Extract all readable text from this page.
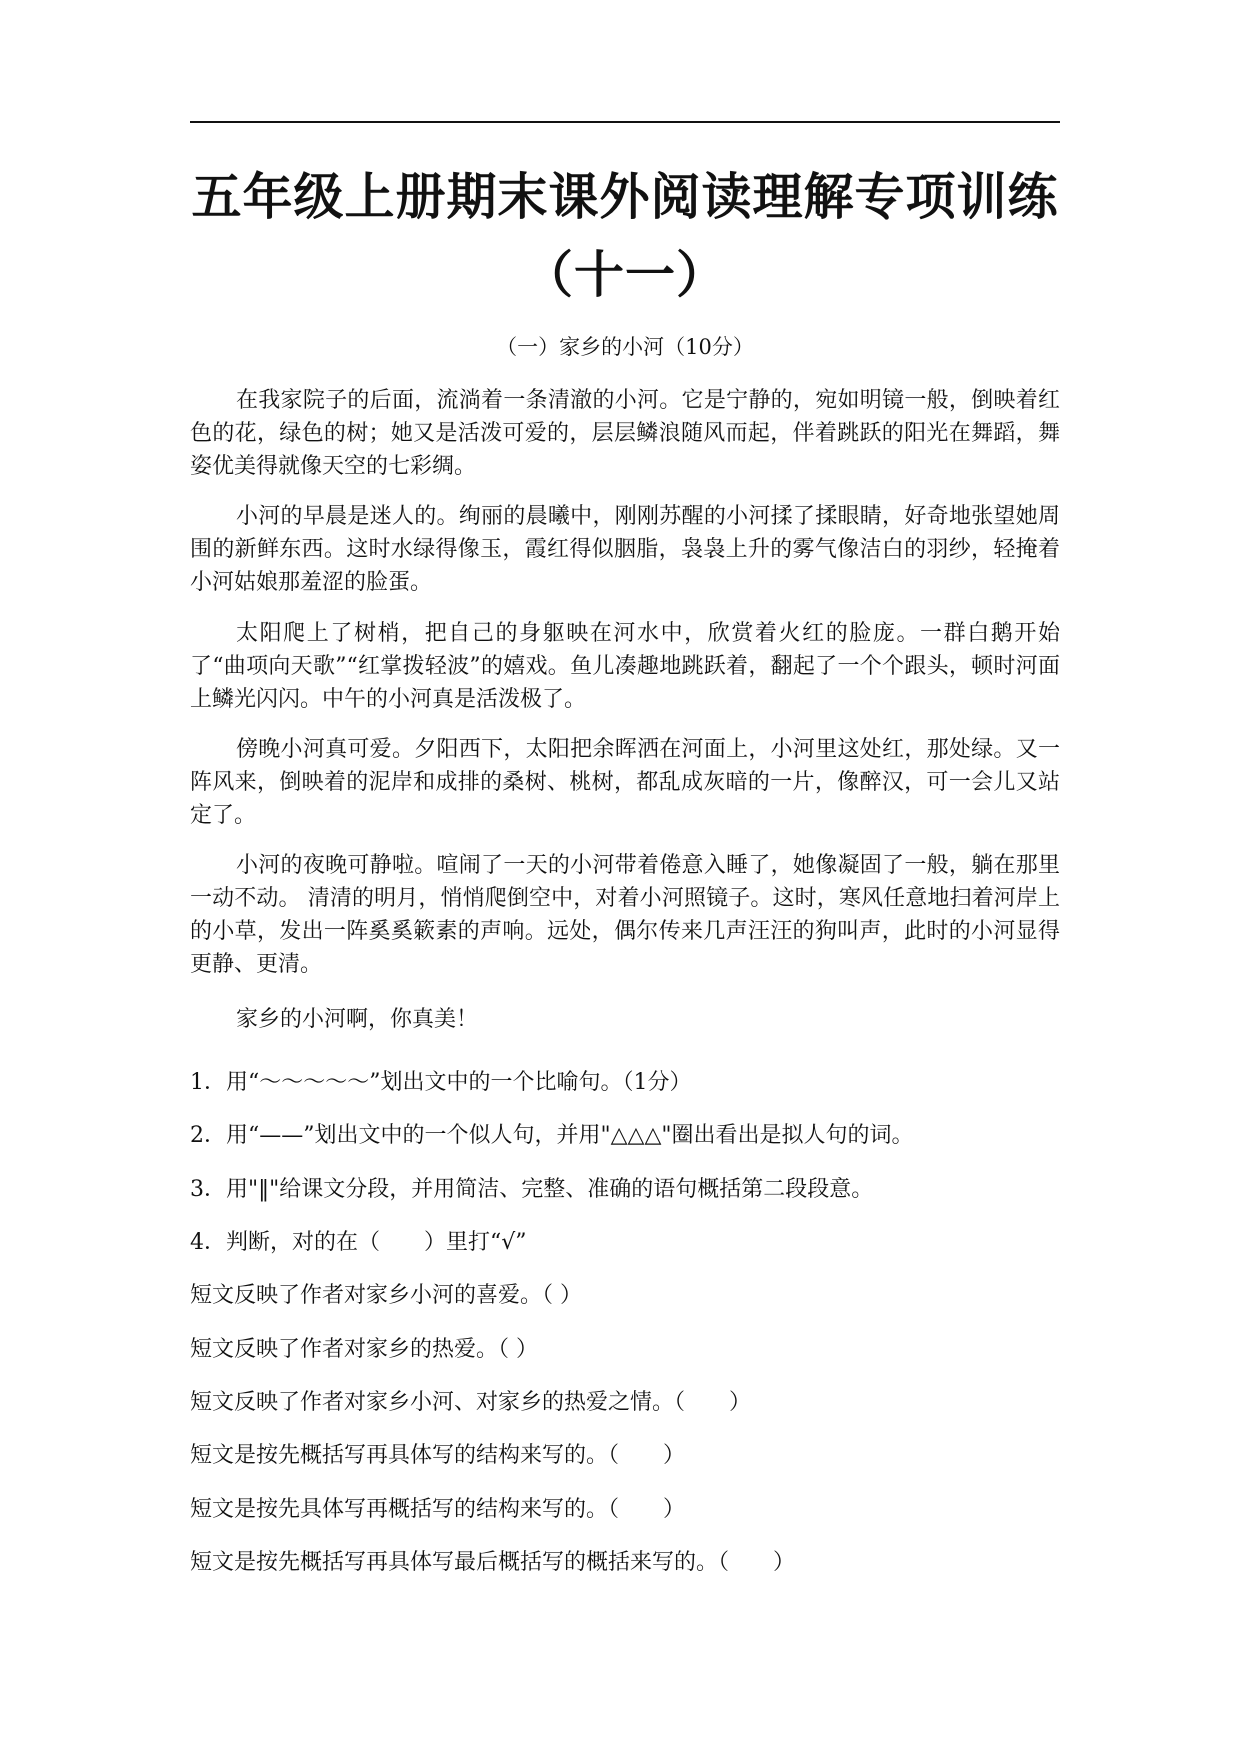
五年级上册期末课外阅读理解专项训练
（十一）
（一）家乡的小河（10分）

在我家院子的后面，流淌着一条清澈的小河。它是宁静的，宛如明镜一般，倒映着红色的花，绿色的树；她又是活泼可爱的，层层鳞浪随风而起，伴着跳跃的阳光在舞蹈，舞姿优美得就像天空的七彩绸。

小河的早晨是迷人的。绚丽的晨曦中，刚刚苏醒的小河揉了揉眼睛，好奇地张望她周围的新鲜东西。这时水绿得像玉，霞红得似胭脂，袅袅上升的雾气像洁白的羽纱，轻掩着小河姑娘那羞涩的脸蛋。

太阳爬上了树梢，把自己的身躯映在河水中，欣赏着火红的脸庞。一群白鹅开始了“曲项向天歌”“红掌拨轻波”的嬉戏。鱼儿凑趣地跳跃着，翻起了一个个跟头，顿时河面上鳞光闪闪。中午的小河真是活泼极了。

傍晚小河真可爱。夕阳西下，太阳把余晖洒在河面上，小河里这处红，那处绿。又一阵风来，倒映着的泥岸和成排的桑树、桃树，都乱成灰暗的一片，像醉汉，可一会儿又站定了。

小河的夜晚可静啦。喧闹了一天的小河带着倦意入睡了，她像凝固了一般，躺在那里一动不动。 清清的明月，悄悄爬倒空中，对着小河照镜子。这时，寒风任意地扫着河岸上的小草，发出一阵奚奚簌素的声响。远处，偶尔传来几声汪汪的狗叫声，此时的小河显得更静、更清。

家乡的小河啊，你真美！

1．用“～～～～～”划出文中的一个比喻句。（1分）

2．用“——”划出文中的一个似人句，并用"△△△"圈出看出是拟人句的词。

3．用"‖"给课文分段，并用简洁、完整、准确的语句概括第二段段意。

4．判断，对的在（　　）里打“√”

短文反映了作者对家乡小河的喜爱。（ ）

短文反映了作者对家乡的热爱。（ ）

短文反映了作者对家乡小河、对家乡的热爱之情。（　　）

短文是按先概括写再具体写的结构来写的。（　　）

短文是按先具体写再概括写的结构来写的。（　　）

短文是按先概括写再具体写最后概括写的概括来写的。（　　）
